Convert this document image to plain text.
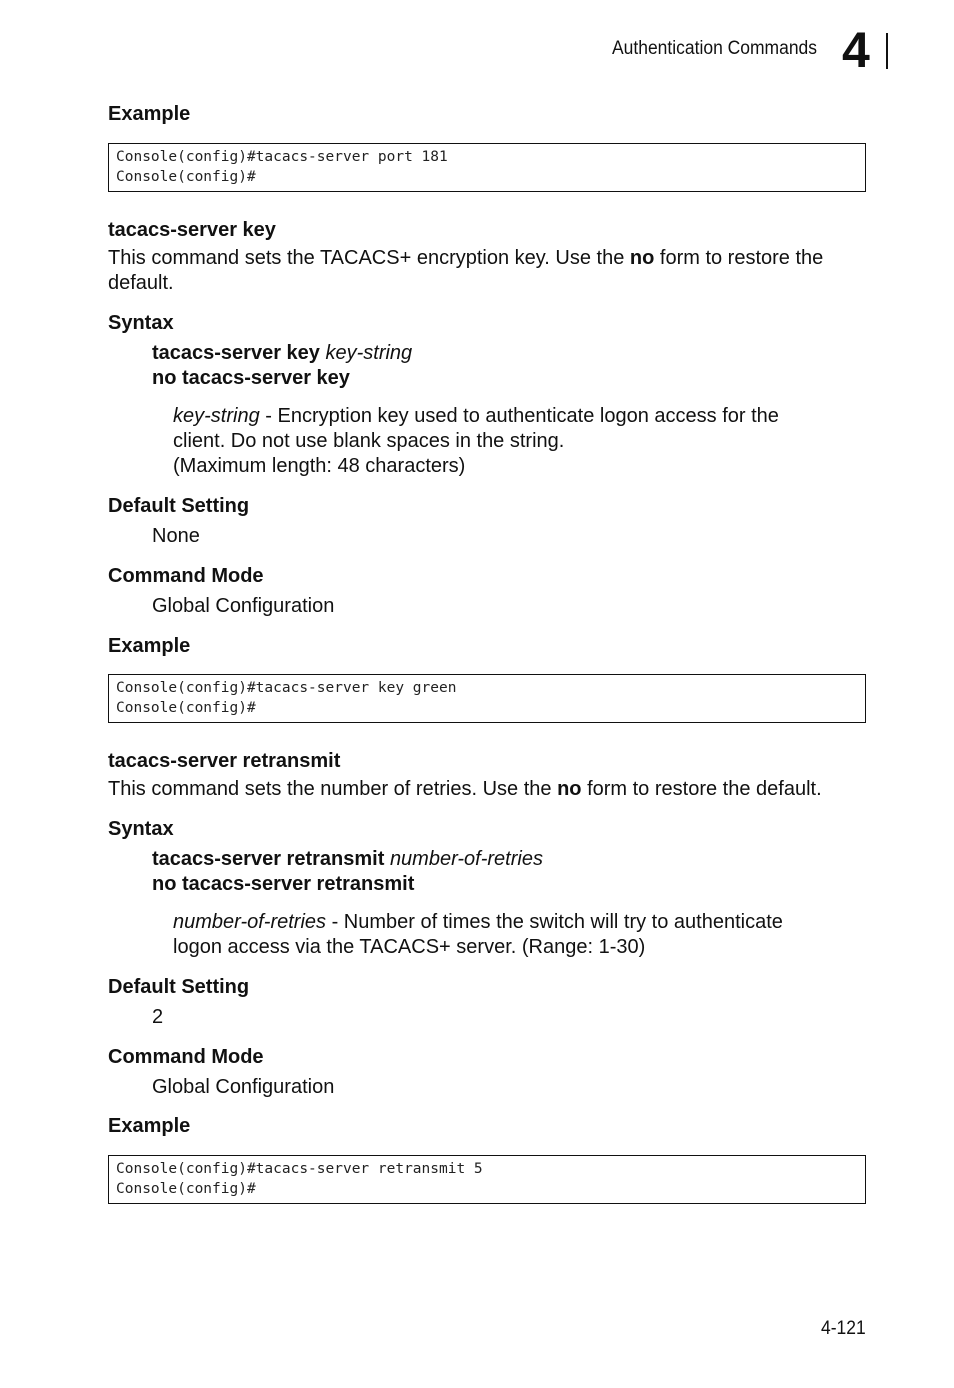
Authentication Commands 4
Example
Console(config)#tacacs-server port 181
Console(config)#
tacacs-server key
This command sets the TACACS+ encryption key. Use the no form to restore the default.
Syntax
tacacs-server key key-string
no tacacs-server key
key-string - Encryption key used to authenticate logon access for the client. Do not use blank spaces in the string.
(Maximum length: 48 characters)
Default Setting
None
Command Mode
Global Configuration
Example
Console(config)#tacacs-server key green
Console(config)#
tacacs-server retransmit
This command sets the number of retries. Use the no form to restore the default.
Syntax
tacacs-server retransmit number-of-retries
no tacacs-server retransmit
number-of-retries - Number of times the switch will try to authenticate logon access via the TACACS+ server. (Range: 1-30)
Default Setting
2
Command Mode
Global Configuration
Example
Console(config)#tacacs-server retransmit 5
Console(config)#
4-121
